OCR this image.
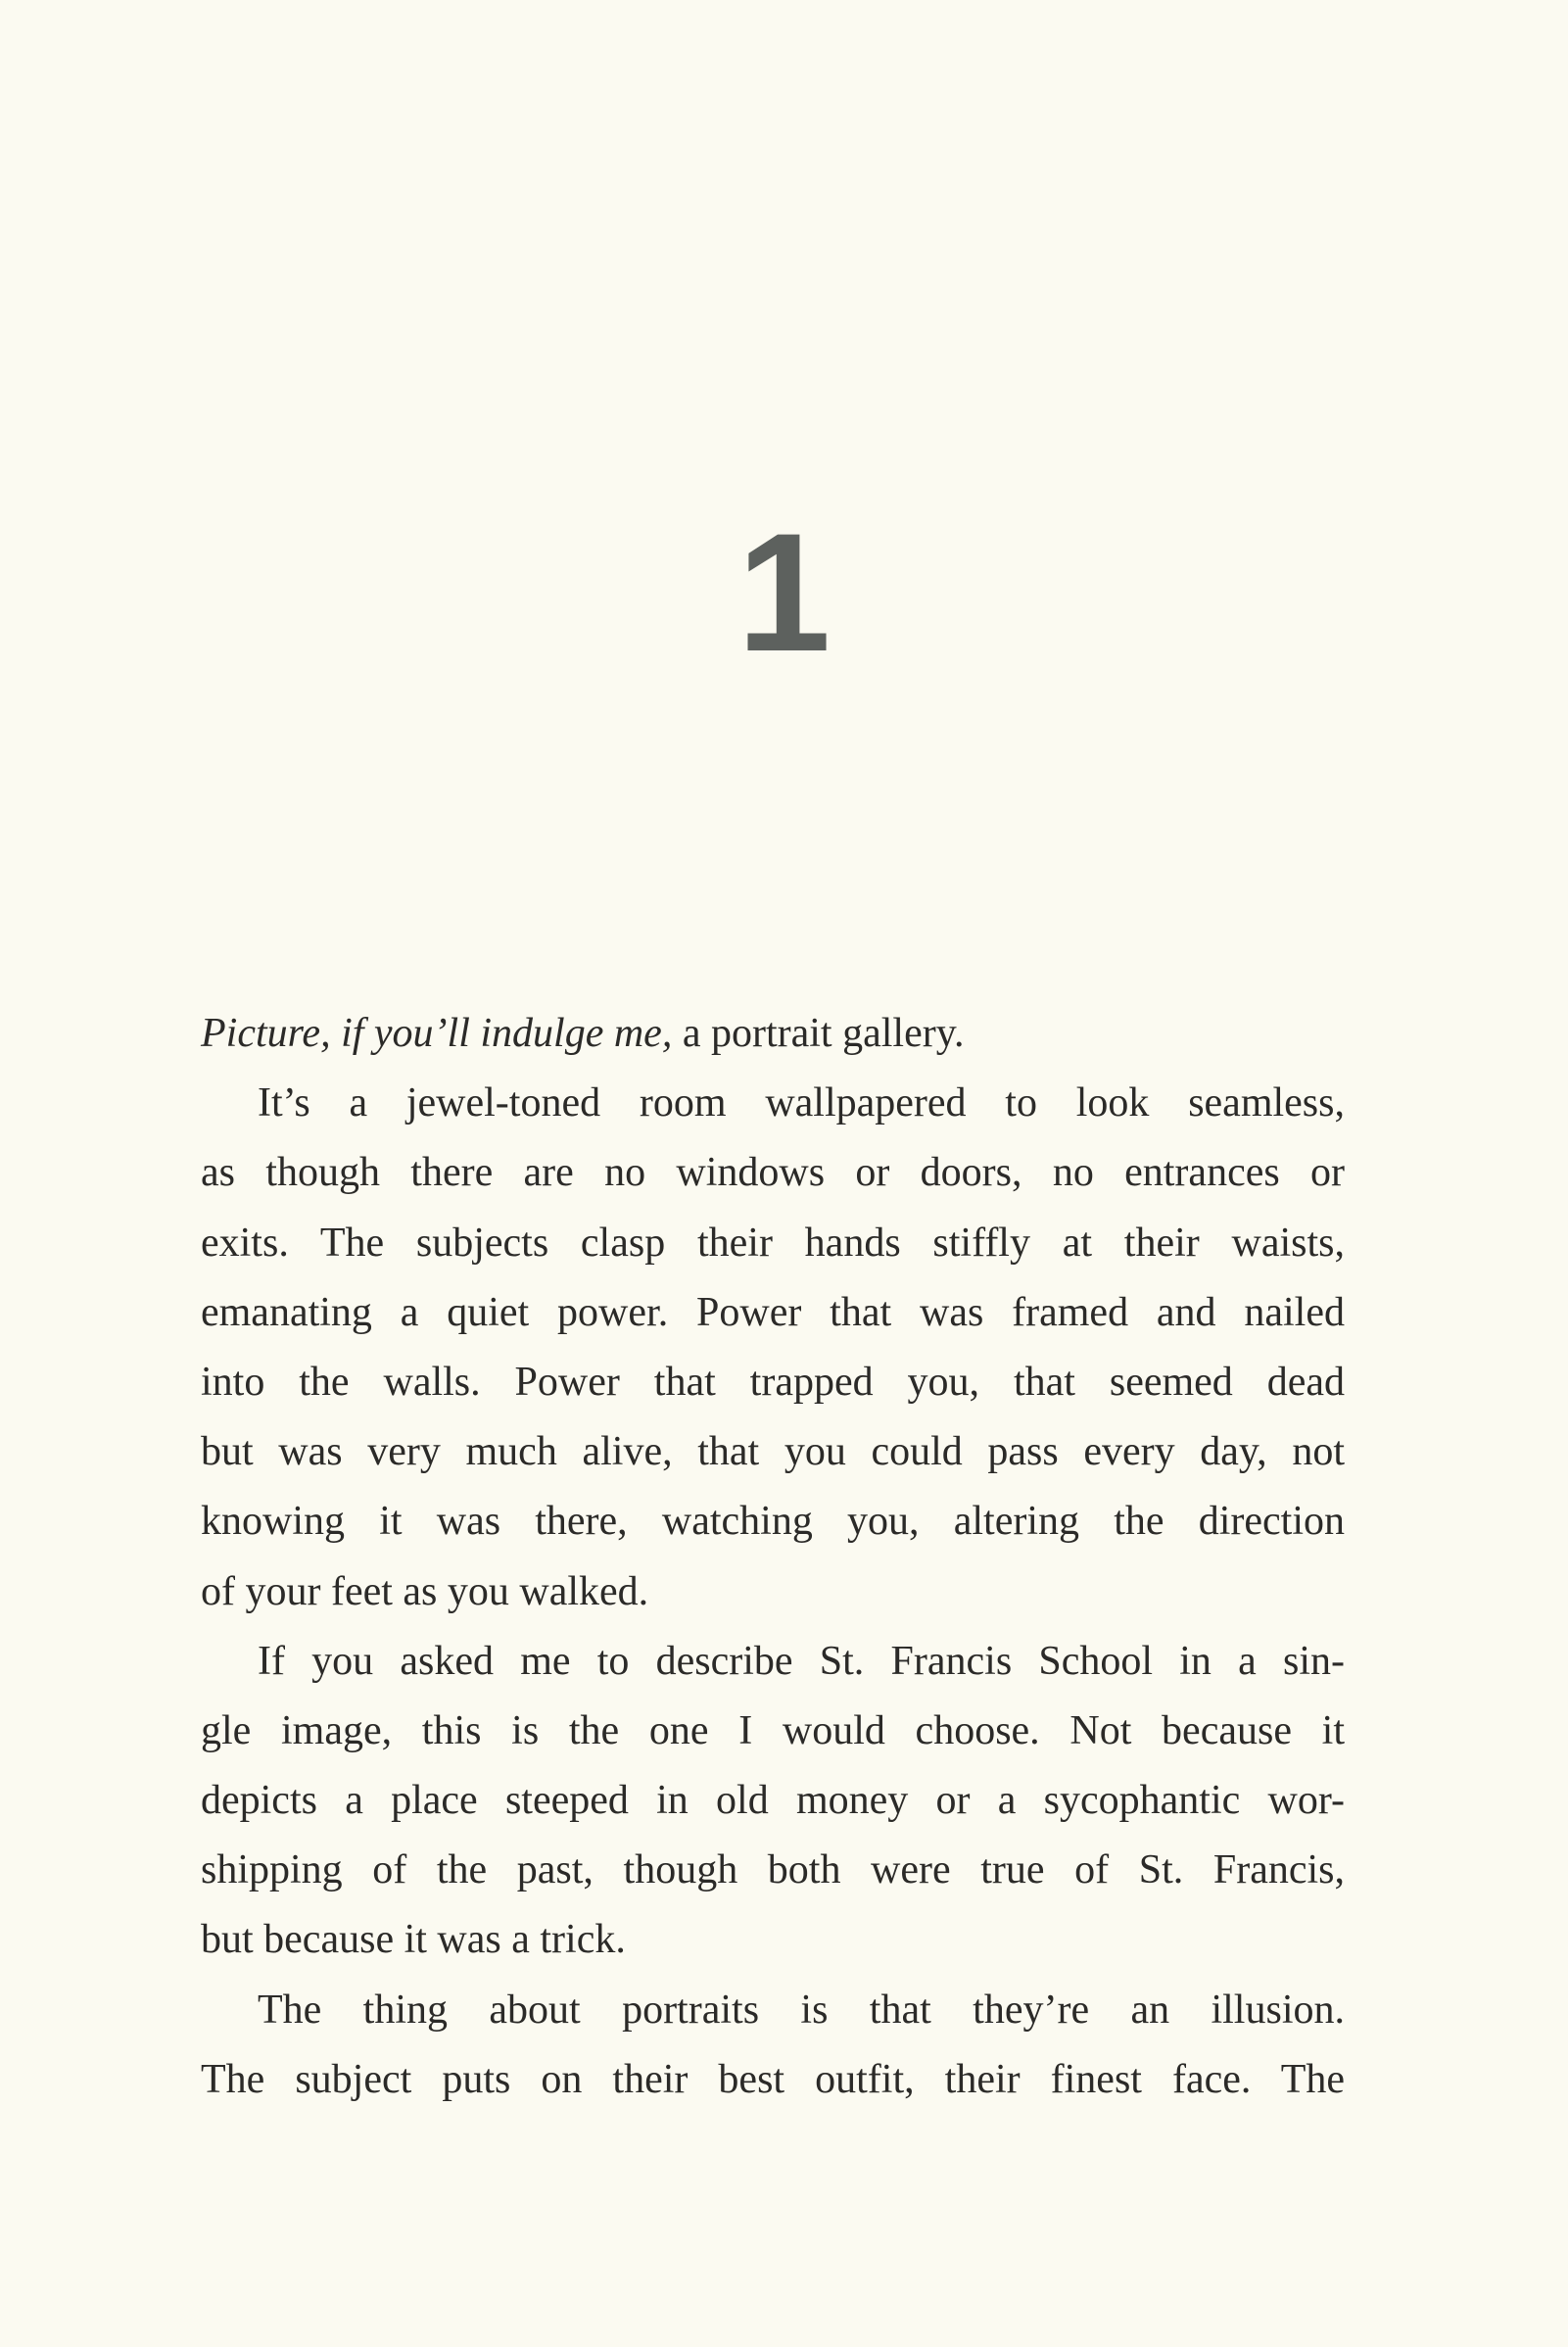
1
Picture, if you’ll indulge me, a portrait gallery.
It’s a jewel-toned room wallpapered to look seamless,
as though there are no windows or doors, no entrances or
exits. The subjects clasp their hands stiffly at their waists,
emanating a quiet power. Power that was framed and nailed
into the walls. Power that trapped you, that seemed dead
but was very much alive, that you could pass every day, not
knowing it was there, watching you, altering the direction
of your feet as you walked.
If you asked me to describe St. Francis School in a sin-
gle image, this is the one I would choose. Not because it
depicts a place steeped in old money or a sycophantic wor-
shipping of the past, though both were true of St. Francis,
but because it was a trick.
The thing about portraits is that they’re an illusion.
The subject puts on their best outfit, their finest face. The
